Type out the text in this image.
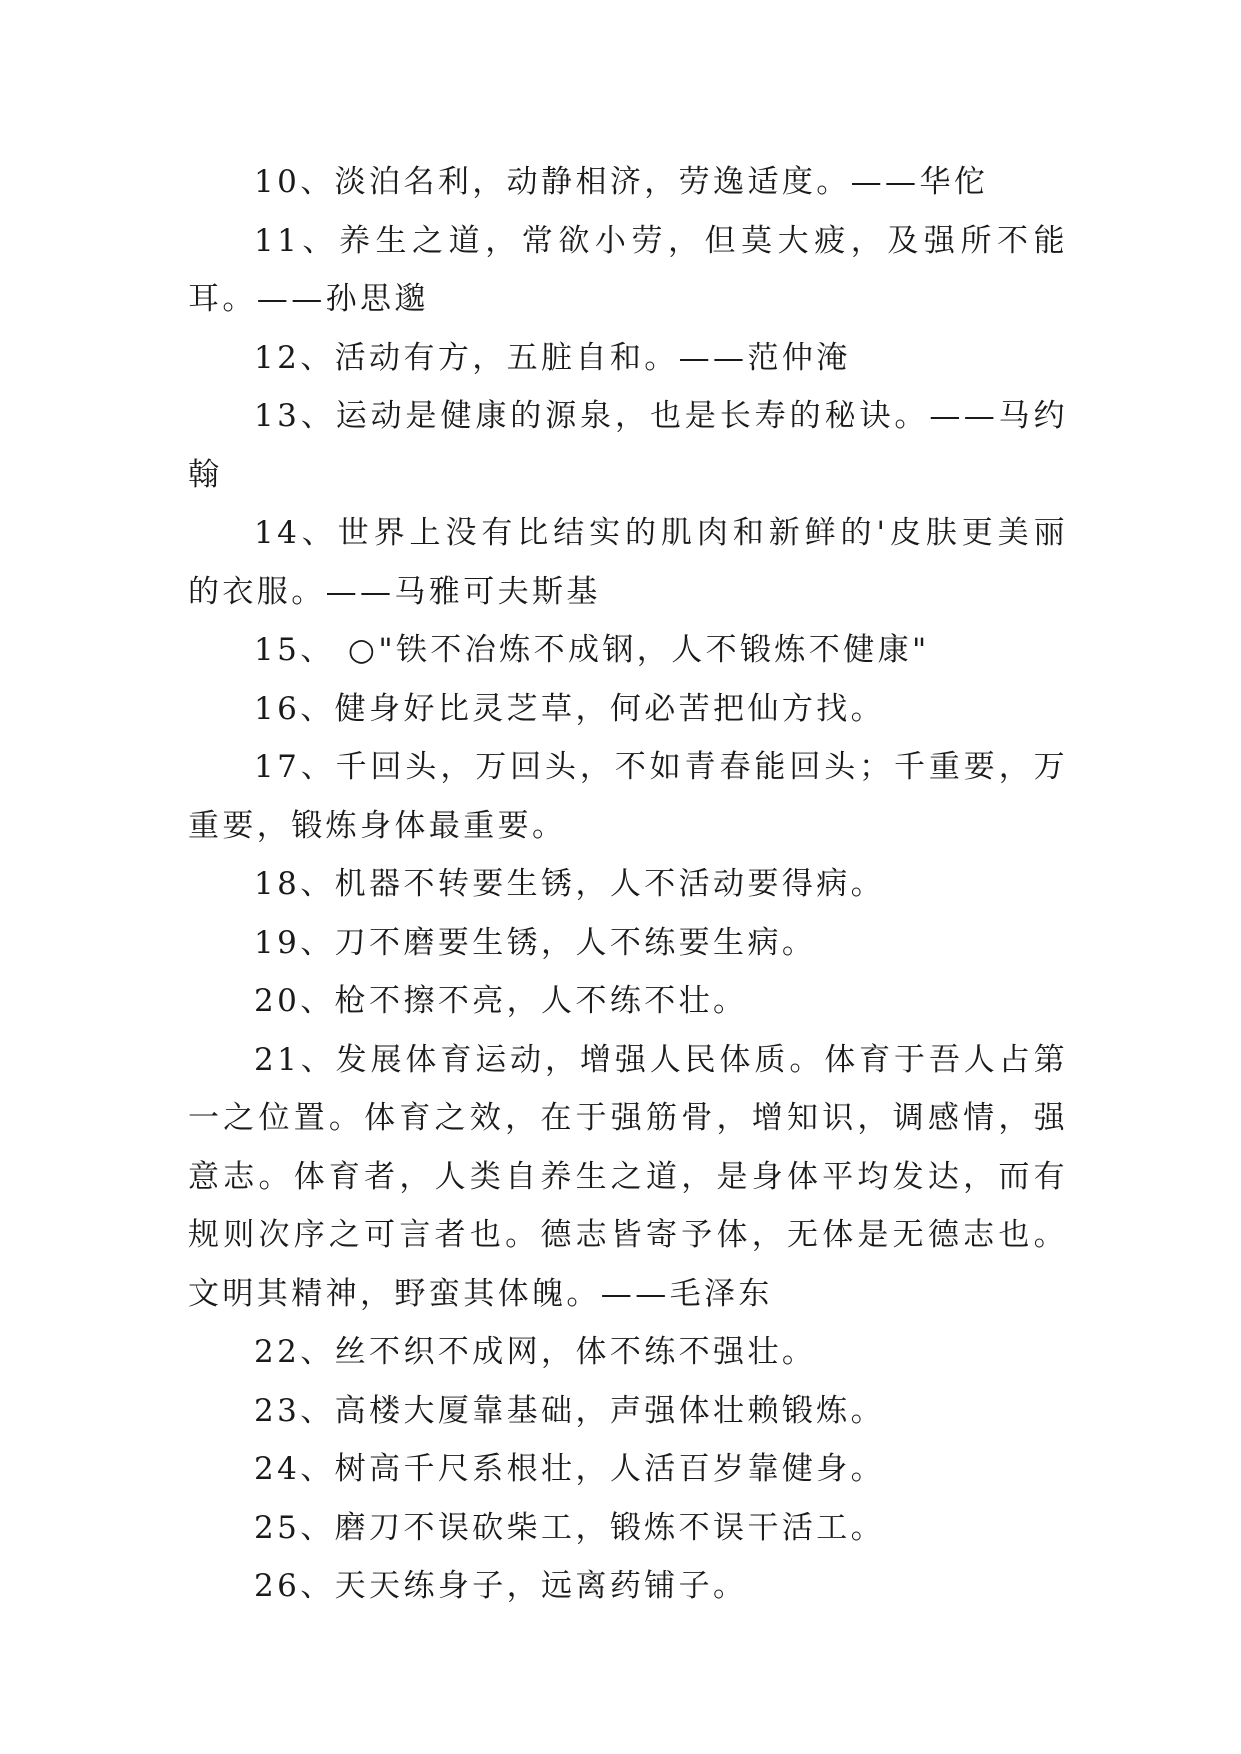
10、淡泊名利，动静相济，劳逸适度。——华佗

11、养生之道，常欲小劳，但莫大疲，及强所不能耳。——孙思邈

12、活动有方，五脏自和。——范仲淹

13、运动是健康的源泉，也是长寿的秘诀。——马约翰

14、世界上没有比结实的肌肉和新鲜的'皮肤更美丽的衣服。——马雅可夫斯基

15、 ○"铁不冶炼不成钢，人不锻炼不健康"

16、健身好比灵芝草，何必苦把仙方找。

17、千回头，万回头，不如青春能回头；千重要，万重要，锻炼身体最重要。

18、机器不转要生锈，人不活动要得病。

19、刀不磨要生锈，人不练要生病。

20、枪不擦不亮，人不练不壮。

21、发展体育运动，增强人民体质。体育于吾人占第一之位置。体育之效，在于强筋骨，增知识，调感情，强意志。体育者，人类自养生之道，是身体平均发达，而有规则次序之可言者也。德志皆寄予体，无体是无德志也。文明其精神，野蛮其体魄。——毛泽东

22、丝不织不成网，体不练不强壮。

23、高楼大厦靠基础，声强体壮赖锻炼。

24、树高千尺系根壮，人活百岁靠健身。

25、磨刀不误砍柴工，锻炼不误干活工。

26、天天练身子，远离药铺子。
